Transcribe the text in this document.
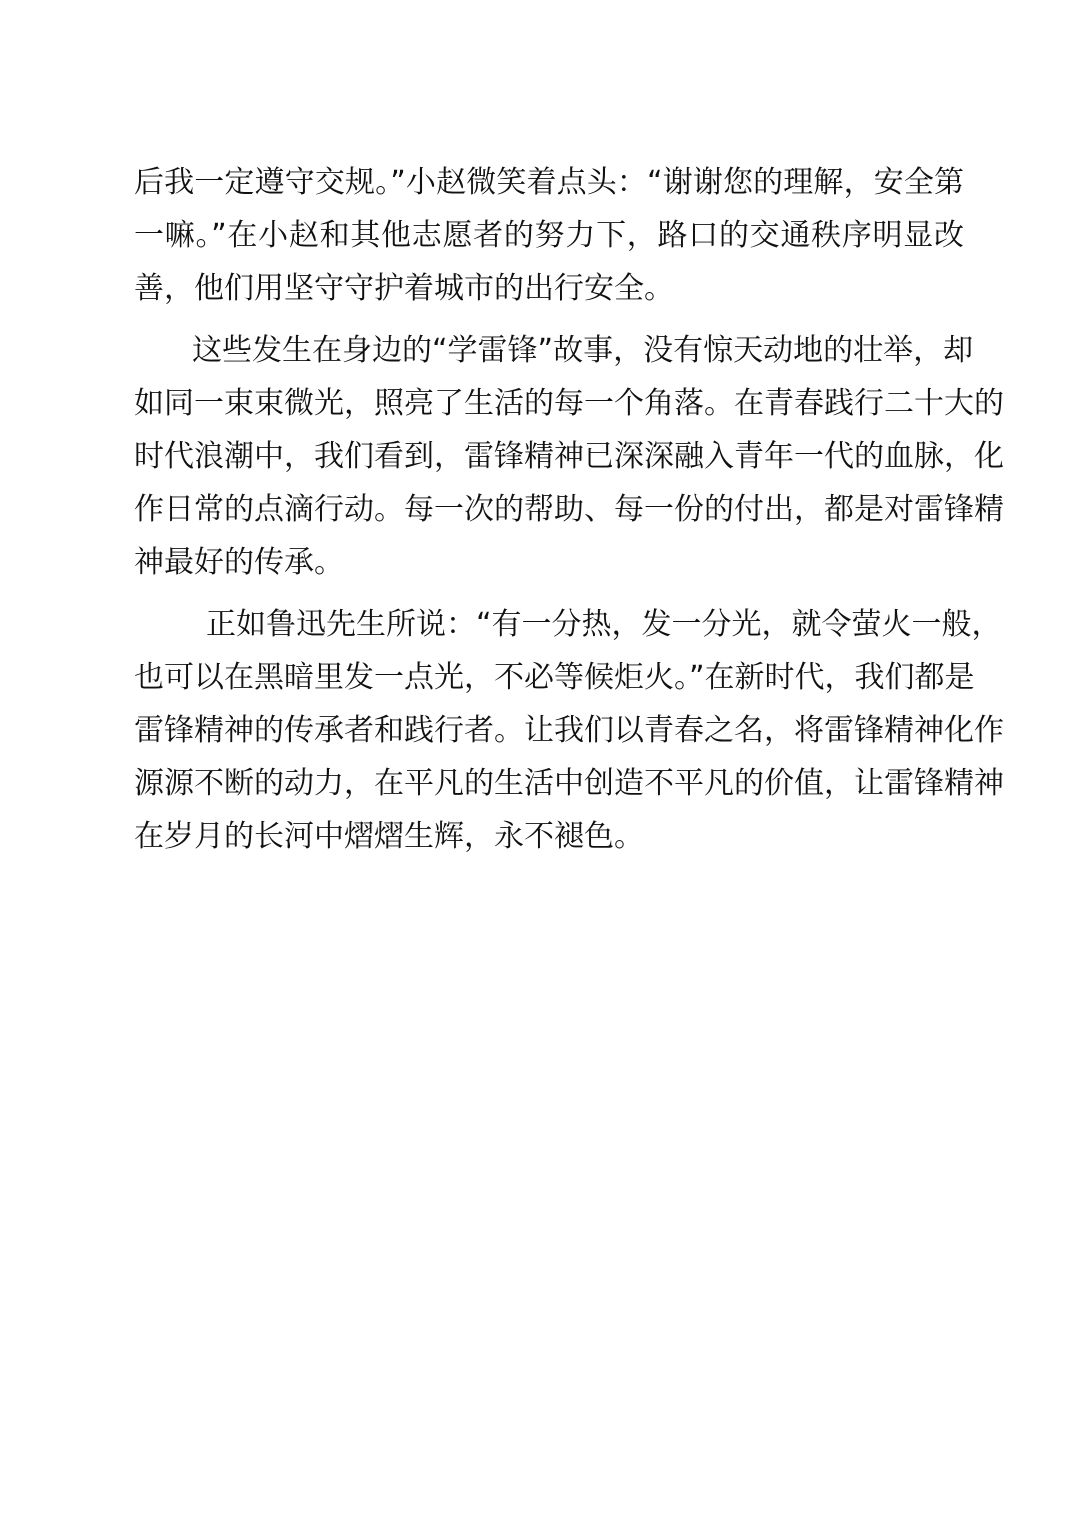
后我一定遵守交规。”小赵微笑着点头：“谢谢您的理解，安全第
一嘛。”在小赵和其他志愿者的努力下，路口的交通秩序明显改
善，他们用坚守守护着城市的出行安全。
这些发生在身边的“学雷锋”故事，没有惊天动地的壮举，却
如同一束束微光，照亮了生活的每一个角落。在青春践行二十大的
时代浪潮中，我们看到，雷锋精神已深深融入青年一代的血脉，化
作日常的点滴行动。每一次的帮助、每一份的付出，都是对雷锋精
神最好的传承。
正如鲁迅先生所说：“有一分热，发一分光，就令萤火一般，
也可以在黑暗里发一点光，不必等候炬火。”在新时代，我们都是
雷锋精神的传承者和践行者。让我们以青春之名，将雷锋精神化作
源源不断的动力，在平凡的生活中创造不平凡的价值，让雷锋精神
在岁月的长河中熠熠生辉，永不褪色。
